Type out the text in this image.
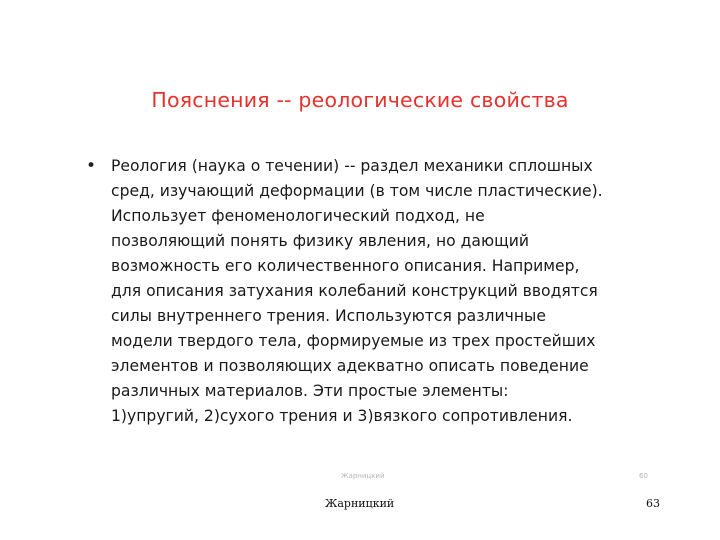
Пояснения -- реологические свойства
• Реология (наука о течении) -- раздел механики сплошных
сред, изучающий деформации (в том числе пластические).
Использует феноменологический подход, не
позволяющий понять физику явления, но дающий
возможность его количественного описания. Например,
для описания затухания колебаний конструкций вводятся
силы внутреннего трения. Используются различные
модели твердого тела, формируемые из трех простейших
элементов и позволяющих адекватно описать поведение
различных материалов. Эти простые элементы:
1)упругий, 2)сухого трения и 3)вязкого сопротивления.
Жарницкий	60
Жарницкий	63
